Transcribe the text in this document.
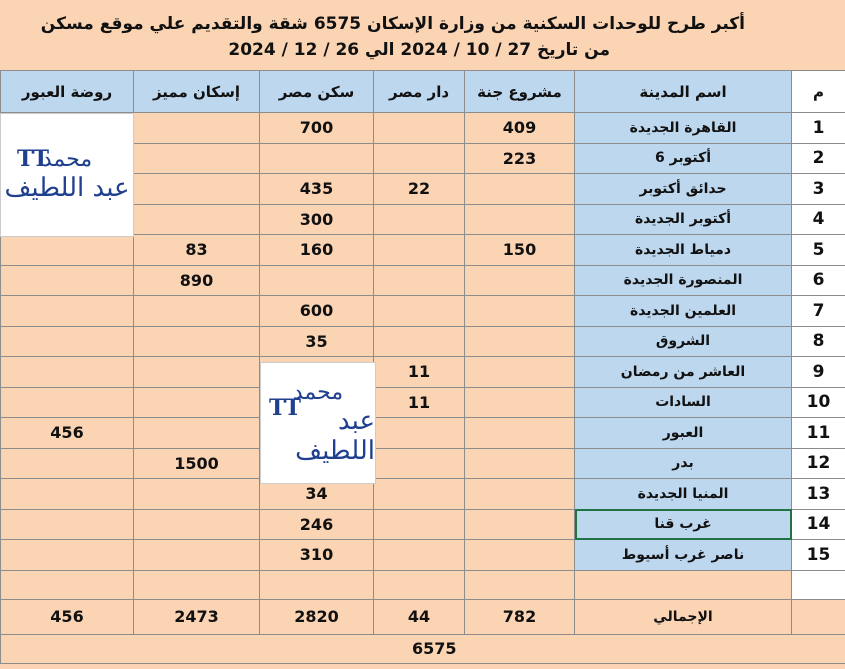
أكبر طرح للوحدات السكنية من وزارة الإسكان 6575 شقة والتقديم علي موقع مسكن
من تاريخ 27 / 10 / 2024 الي 26 / 12 / 2024
روضة العبور	إسكان مميز	سكن مصر	دار مصر	مشروع جنة	اسم المدينة	م
		700		409	القاهرة الجديدة	1
				223	6 أكتوبر	2
		435	22		حدائق أكتوبر	3
		300			أكتوبر الجديدة	4
	83	160		150	دمياط الجديدة	5
	890				المنصورة الجديدة	6
		600			العلمين الجديدة	7
		35			الشروق	8
			11		العاشر من رمضان	9
			11		السادات	10
456					العبور	11
	1500				بدر	12
		34			المنيا الجديدة	13
		246			غرب قنا	14
		310			ناصر غرب أسيوط	15

456	2473	2820	44	782	الإجمالي	
6575						
TT
محمد
عبد اللطيف
TT
محمد
عبد اللطيف
